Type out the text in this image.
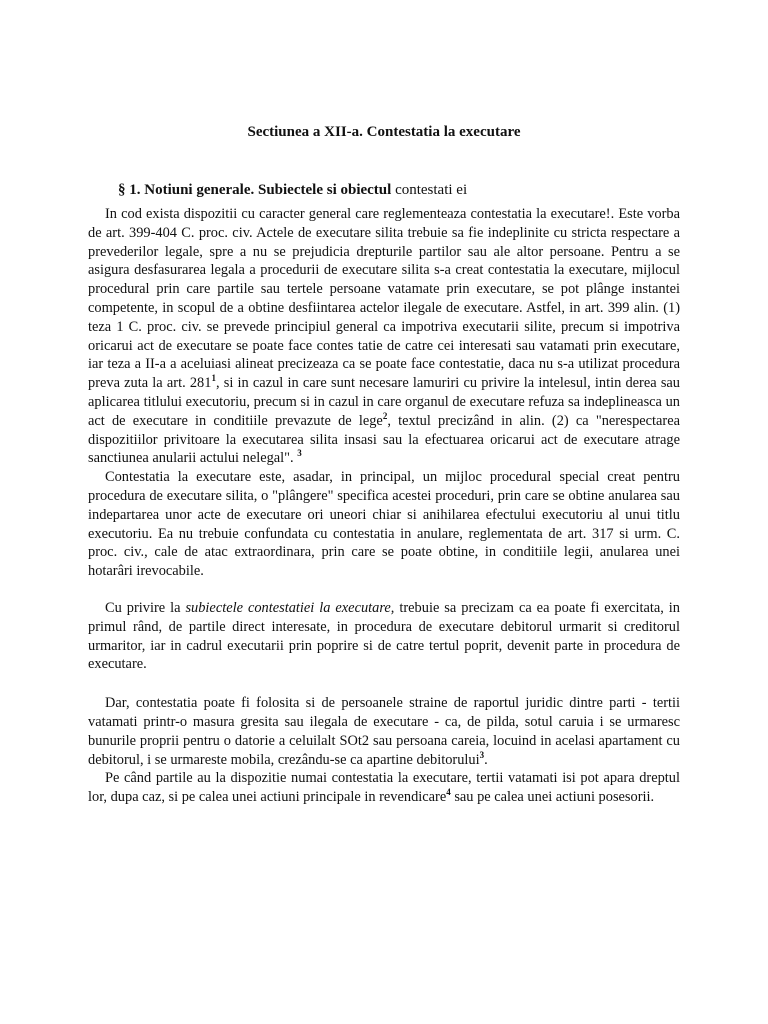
Sectiunea a XII-a. Contestatia la executare
§ 1. Notiuni generale. Subiectele si obiectul contestati ei

In cod exista dispozitii cu caracter general care reglementeaza contestatia la executare!. Este vorba de art. 399-404 C. proc. civ. Actele de executare silita trebuie sa fie indeplinite cu stricta respectare a prevederilor legale, spre a nu se prejudicia drepturile partilor sau ale altor persoane. Pentru a se asigura desfasurarea legala a procedurii de executare silita s-a creat contestatia la executare, mijlocul procedural prin care partile sau tertele persoane vatamate prin executare, se pot plânge instantei competente, in scopul de a obtine desfiintarea actelor ilegale de executare. Astfel, in art. 399 alin. (1) teza 1 C. proc. civ. se prevede principiul general ca impotriva executarii silite, precum si impotriva oricarui act de executare se poate face contes tatie de catre cei interesati sau vatamati prin executare, iar teza a II-a a aceluiasi alineat precizeaza ca se poate face contestatie, daca nu s-a utilizat procedura preva zuta la art. $281^1$, si in cazul in care sunt necesare lamuriri cu privire la intelesul, intin derea sau aplicarea titlului executoriu, precum si in cazul in care organul de executare refuza sa indeplineasca un act de executare in conditiile prevazute de lege$^2$, textul precizând in alin. (2) ca "nerespectarea dispozitiilor privitoare la executarea silita insasi sau la efectuarea oricarui act de executare atrage sanctiunea anularii actului nelegal". $^3$

Contestatia la executare este, asadar, in principal, un mijloc procedural special creat pentru procedura de executare silita, o "plângere" specifica acestei proceduri, prin care se obtine anularea sau indepartarea unor acte de executare ori uneori chiar si anihilarea efectului executoriu al unui titlu executoriu. Ea nu trebuie confundata cu contestatia in anulare, reglementata de art. 317 si urm. C. proc. civ., cale de atac extraordinara, prin care se poate obtine, in conditiile legii, anularea unei hotarâri irevocabile.

Cu privire la subiectele contestatiei la executare, trebuie sa precizam ca ea poate fi exercitata, in primul rând, de partile direct interesate, in procedura de executare debitorul urmarit si creditorul urmaritor, iar in cadrul executarii prin poprire si de catre tertul poprit, devenit parte in procedura de executare.

Dar, contestatia poate fi folosita si de persoanele straine de raportul juridic dintre parti - tertii vatamati printr-o masura gresita sau ilegala de executare - ca, de pilda, sotul caruia i se urmaresc bunurile proprii pentru o datorie a celuilalt SOt2 sau persoana careia, locuind in acelasi apartament cu debitorul, i se urmareste mobila, crezându-se ca apartine debitorului$^3$.

Pe când partile au la dispozitie numai contestatia la executare, tertii vatamati isi pot apara dreptul lor, dupa caz, si pe calea unei actiuni principale in revendicare$^4$ sau pe calea unei actiuni posesorii.
